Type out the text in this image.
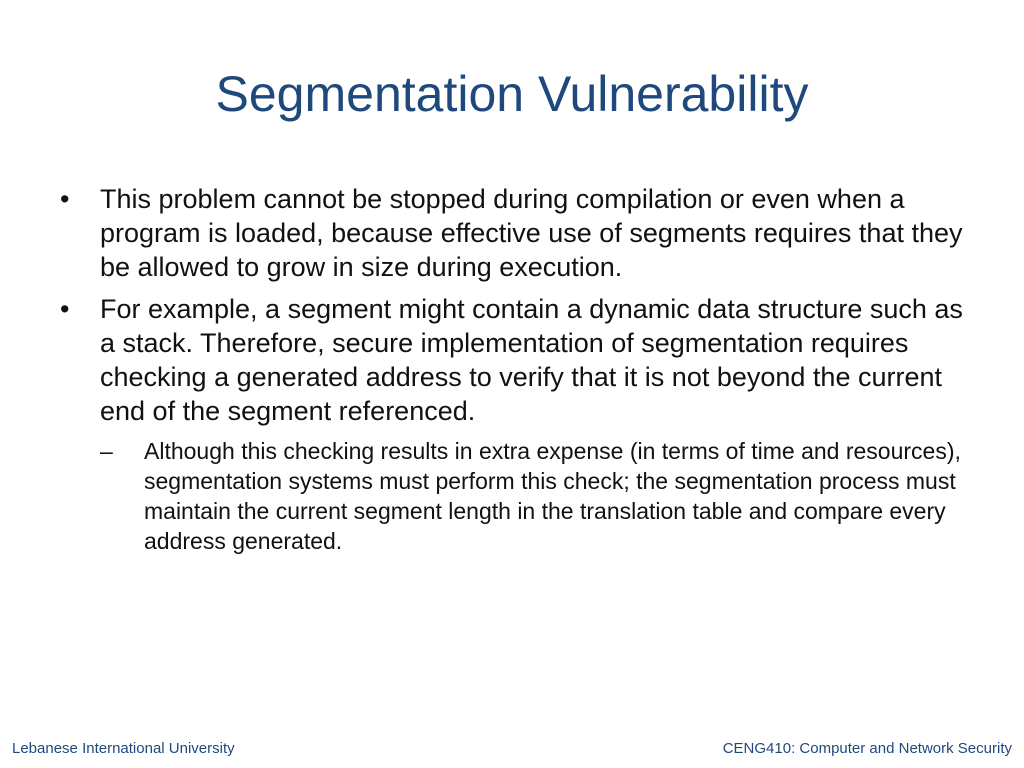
Segmentation Vulnerability
• This problem cannot be stopped during compilation or even when a program is loaded, because effective use of segments requires that they be allowed to grow in size during execution.
• For example, a segment might contain a dynamic data structure such as a stack. Therefore, secure implementation of segmentation requires checking a generated address to verify that it is not beyond the current end of the segment referenced.
– Although this checking results in extra expense (in terms of time and resources), segmentation systems must perform this check; the segmentation process must maintain the current segment length in the translation table and compare every address generated.
Lebanese International University	CENG410: Computer and Network Security
